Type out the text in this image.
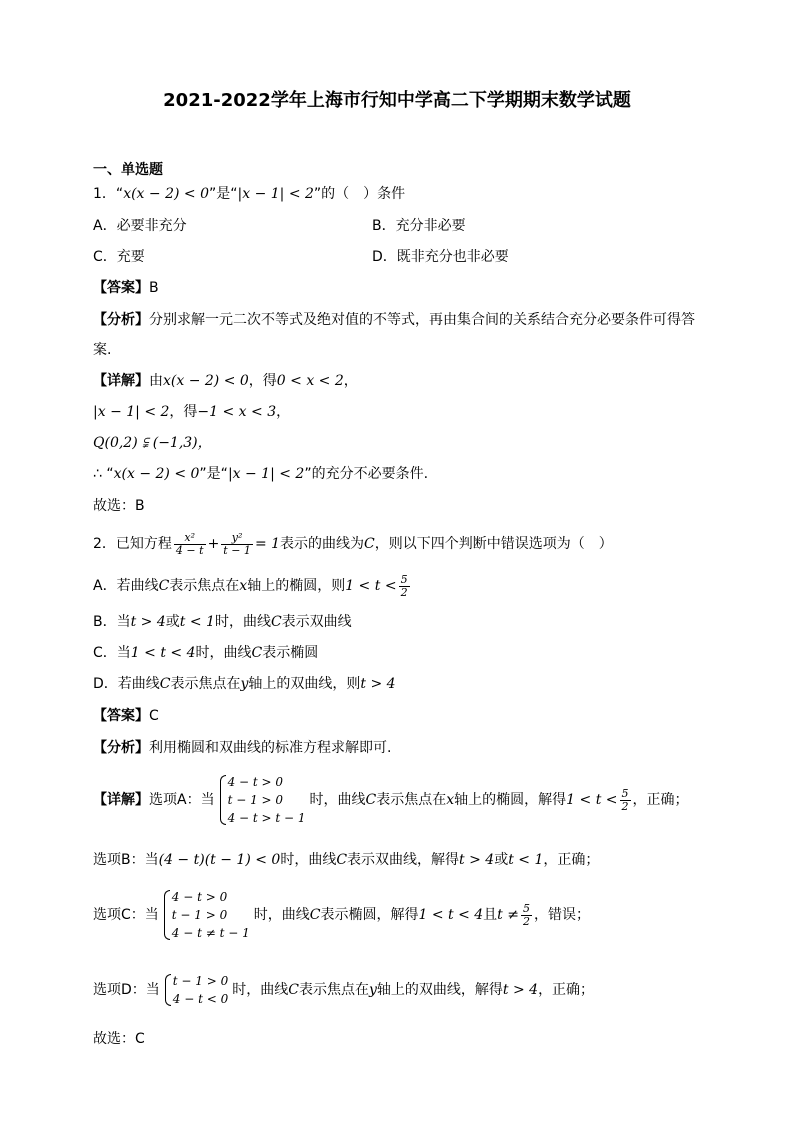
2021-2022学年上海市行知中学高二下学期期末数学试题
一、单选题
1．“x(x − 2) < 0”是“|x − 1| < 2”的（　）条件
A．必要非充分	B．充分非必要
C．充要	D．既非充分也非必要
【答案】B
【分析】分别求解一元二次不等式及绝对值的不等式，再由集合间的关系结合充分必要条件可得答
案.
【详解】由x(x − 2) < 0，得0 < x < 2，
|x − 1| < 2，得−1 < x < 3，
Q(0,2) ⫋ (−1,3)，
∴ “x(x − 2) < 0”是“|x − 1| < 2”的充分不必要条件.
故选：B
2．已知方程 $\frac{\text{x²}}{4 - t} + \frac{\text{y²}}{t - 1} = 1$表示的曲线为C，则以下四个判断中错误选项为（　）
A．若曲线C表示焦点在x轴上的椭圆，则$1 < t < \frac{5}{2}$
B．当t > 4或t < 1时，曲线C表示双曲线
C．当1 < t < 4时，曲线C表示椭圆
D．若曲线C表示焦点在y轴上的双曲线，则t > 4
【答案】C
【分析】利用椭圆和双曲线的标准方程求解即可.
【详解】选项A：当
4 − t > 0
t − 1 > 0
4 − t > t − 1
时，曲线C表示焦点在x轴上的椭圆，解得$1 < t < \frac{5}{2}$ ，正确；
选项B：当(4 − t)(t − 1) < 0时，曲线C表示双曲线，解得t > 4或t < 1，正确；
选项C：当
4 − t > 0
t − 1 > 0
4 − t ≠ t − 1
时，曲线C表示椭圆，解得1 < t < 4且$t \ne \frac{5}{2}$ ，错误；
选项D：当
t − 1 > 0
4 − t < 0
时，曲线C表示焦点在y轴上的双曲线，解得t > 4，正确；
故选：C
